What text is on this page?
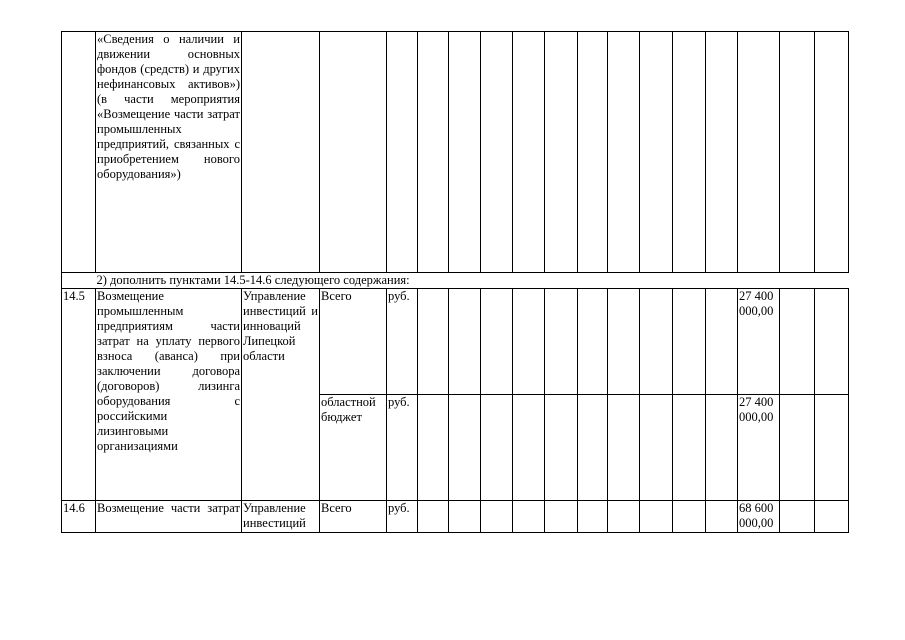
	«Сведения о наличии и движении основных фондов (средств) и других нефинансовых активов») (в части мероприятия «Возмещение части затрат промышленных предприятий, связанных с приобретением нового оборудования»)																
	2) дополнить пунктами 14.5-14.6 следующего содержания:																
14.5	Возмещение промышленным предприятиям части затрат на уплату первого взноса (аванса) при заключении договора (договоров) лизинга оборудования с российскими лизинговыми организациями	Управление инвестиций и инноваций Липецкой области	Всего	руб.											27 400 000,00		
			областной бюджет	руб.											27 400 000,00		
14.6	Возмещение части затрат	Управление инвестиций	Всего	руб.											68 600 000,00		
